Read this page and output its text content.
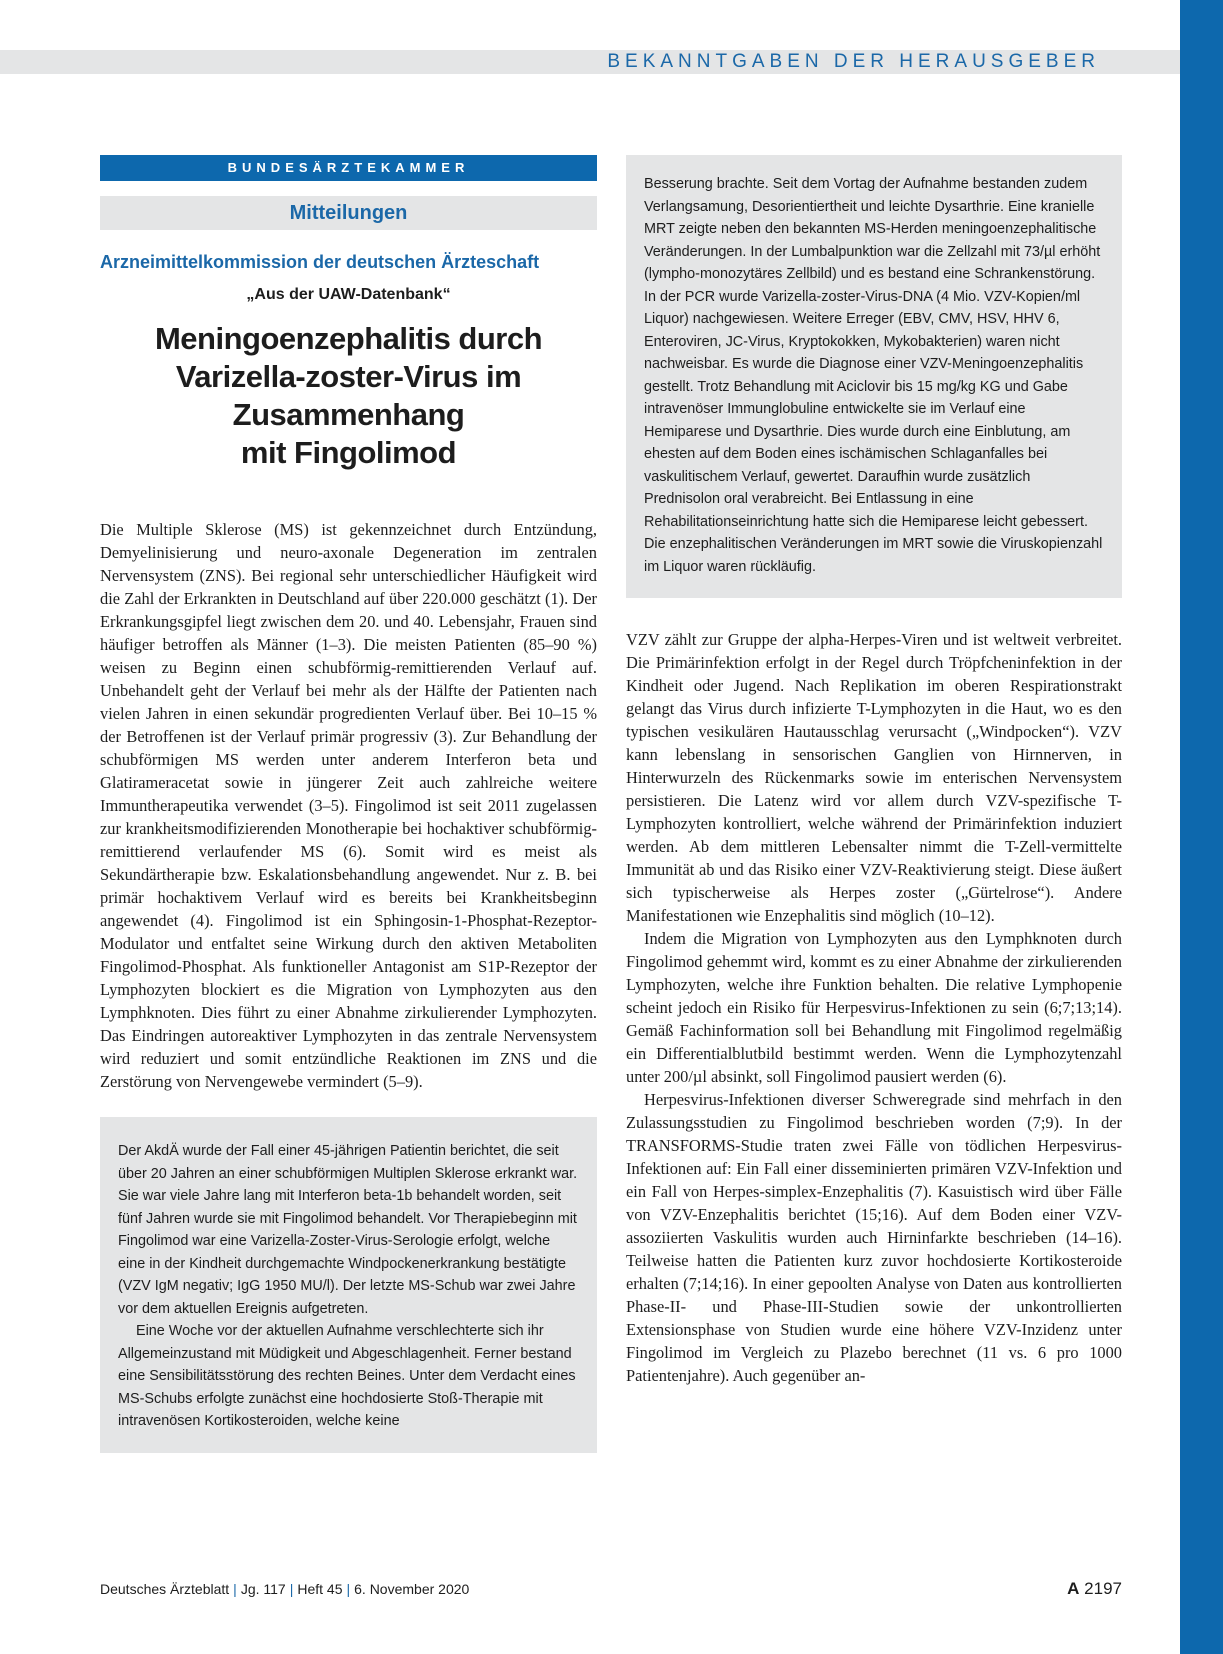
BEKANNTGABEN DER HERAUSGEBER
BUNDESÄRZTEKAMMER
Mitteilungen
Arzneimittelkommission der deutschen Ärzteschaft
„Aus der UAW-Datenbank“
Meningoenzephalitis durch
Varizella-zoster-Virus im Zusammenhang
mit Fingolimod

Die Multiple Sklerose (MS) ist gekennzeichnet durch Entzündung, Demyelinisierung und neuro-axonale Degeneration im zentralen Nervensystem (ZNS). Bei regional sehr unterschiedlicher Häufigkeit wird die Zahl der Erkrankten in Deutschland auf über 220.000 geschätzt (1). Der Erkrankungsgipfel liegt zwischen dem 20. und 40. Lebensjahr, Frauen sind häufiger betroffen als Männer (1–3). Die meisten Patienten (85–90 %) weisen zu Beginn einen schubförmig-remittierenden Verlauf auf. Unbehandelt geht der Verlauf bei mehr als der Hälfte der Patienten nach vielen Jahren in einen sekundär progredienten Verlauf über. Bei 10–15 % der Betroffenen ist der Verlauf primär progressiv (3). Zur Behandlung der schubförmigen MS werden unter anderem Interferon beta und Glatirameracetat sowie in jüngerer Zeit auch zahlreiche weitere Immuntherapeutika verwendet (3–5). Fingolimod ist seit 2011 zugelassen zur krankheitsmodifizierenden Monotherapie bei hochaktiver schubförmig-remittierend verlaufender MS (6). Somit wird es meist als Sekundärtherapie bzw. Eskalationsbehandlung angewendet. Nur z. B. bei primär hochaktivem Verlauf wird es bereits bei Krankheitsbeginn angewendet (4). Fingolimod ist ein Sphingosin-1-Phosphat-Rezeptor-Modulator und entfaltet seine Wirkung durch den aktiven Metaboliten Fingolimod-Phosphat. Als funktioneller Antagonist am S1P-Rezeptor der Lymphozyten blockiert es die Migration von Lymphozyten aus den Lymphknoten. Dies führt zu einer Abnahme zirkulierender Lymphozyten. Das Eindringen autoreaktiver Lymphozyten in das zentrale Nervensystem wird reduziert und somit entzündliche Reaktionen im ZNS und die Zerstörung von Nervengewebe vermindert (5–9).

Der AkdÄ wurde der Fall einer 45-jährigen Patientin berichtet, die seit über 20 Jahren an einer schubförmigen Multiplen Sklerose erkrankt war. Sie war viele Jahre lang mit Interferon beta-1b behandelt worden, seit fünf Jahren wurde sie mit Fingolimod behandelt. Vor Therapiebeginn mit Fingolimod war eine Varizella-Zoster-Virus-Serologie erfolgt, welche eine in der Kindheit durchgemachte Windpockenerkrankung bestätigte (VZV IgM negativ; IgG 1950 MU/l). Der letzte MS-Schub war zwei Jahre vor dem aktuellen Ereignis aufgetreten.

Eine Woche vor der aktuellen Aufnahme verschlechterte sich ihr Allgemeinzustand mit Müdigkeit und Abgeschlagenheit. Ferner bestand eine Sensibilitätsstörung des rechten Beines. Unter dem Verdacht eines MS-Schubs erfolgte zunächst eine hochdosierte Stoß-Therapie mit intravenösen Kortikosteroiden, welche keine

Besserung brachte. Seit dem Vortag der Aufnahme bestanden zudem Verlangsamung, Desorientiertheit und leichte Dysarthrie. Eine kranielle MRT zeigte neben den bekannten MS-Herden meningoenzephalitische Veränderungen. In der Lumbalpunktion war die Zellzahl mit 73/µl erhöht (lympho-monozytäres Zellbild) und es bestand eine Schrankenstörung. In der PCR wurde Varizella-zoster-Virus-DNA (4 Mio. VZV-Kopien/ml Liquor) nachgewiesen. Weitere Erreger (EBV, CMV, HSV, HHV 6, Enteroviren, JC-Virus, Kryptokokken, Mykobakterien) waren nicht nachweisbar. Es wurde die Diagnose einer VZV-Meningoenzephalitis gestellt. Trotz Behandlung mit Aciclovir bis 15 mg/kg KG und Gabe intravenöser Immunglobuline entwickelte sie im Verlauf eine Hemiparese und Dysarthrie. Dies wurde durch eine Einblutung, am ehesten auf dem Boden eines ischämischen Schlaganfalles bei vaskulitischem Verlauf, gewertet. Daraufhin wurde zusätzlich Prednisolon oral verabreicht. Bei Entlassung in eine Rehabilitationseinrichtung hatte sich die Hemiparese leicht gebessert. Die enzephalitischen Veränderungen im MRT sowie die Viruskopienzahl im Liquor waren rückläufig.

VZV zählt zur Gruppe der alpha-Herpes-Viren und ist weltweit verbreitet. Die Primärinfektion erfolgt in der Regel durch Tröpfcheninfektion in der Kindheit oder Jugend. Nach Replikation im oberen Respirationstrakt gelangt das Virus durch infizierte T-Lymphozyten in die Haut, wo es den typischen vesikulären Hautausschlag verursacht („Windpocken“). VZV kann lebenslang in sensorischen Ganglien von Hirnnerven, in Hinterwurzeln des Rückenmarks sowie im enterischen Nervensystem persistieren. Die Latenz wird vor allem durch VZV-spezifische T-Lymphozyten kontrolliert, welche während der Primärinfektion induziert werden. Ab dem mittleren Lebensalter nimmt die T-Zell-vermittelte Immunität ab und das Risiko einer VZV-Reaktivierung steigt. Diese äußert sich typischerweise als Herpes zoster („Gürtelrose“). Andere Manifestationen wie Enzephalitis sind möglich (10–12).

Indem die Migration von Lymphozyten aus den Lymphknoten durch Fingolimod gehemmt wird, kommt es zu einer Abnahme der zirkulierenden Lymphozyten, welche ihre Funktion behalten. Die relative Lymphopenie scheint jedoch ein Risiko für Herpesvirus-Infektionen zu sein (6;7;13;14). Gemäß Fachinformation soll bei Behandlung mit Fingolimod regelmäßig ein Differentialblutbild bestimmt werden. Wenn die Lymphozytenzahl unter 200/µl absinkt, soll Fingolimod pausiert werden (6).

Herpesvirus-Infektionen diverser Schweregrade sind mehrfach in den Zulassungsstudien zu Fingolimod beschrieben worden (7;9). In der TRANSFORMS-Studie traten zwei Fälle von tödlichen Herpesvirus-Infektionen auf: Ein Fall einer disseminierten primären VZV-Infektion und ein Fall von Herpes-simplex-Enzephalitis (7). Kasuistisch wird über Fälle von VZV-Enzephalitis berichtet (15;16). Auf dem Boden einer VZV-assoziierten Vaskulitis wurden auch Hirninfarkte beschrieben (14–16). Teilweise hatten die Patienten kurz zuvor hochdosierte Kortikosteroide erhalten (7;14;16). In einer gepoolten Analyse von Daten aus kontrollierten Phase-II- und Phase-III-Studien sowie der unkontrollierten Extensionsphase von Studien wurde eine höhere VZV-Inzidenz unter Fingolimod im Vergleich zu Plazebo berechnet (11 vs. 6 pro 1000 Patientenjahre). Auch gegenüber an-

Deutsches Ärzteblatt | Jg. 117 | Heft 45 | 6. November 2020	A 2197
